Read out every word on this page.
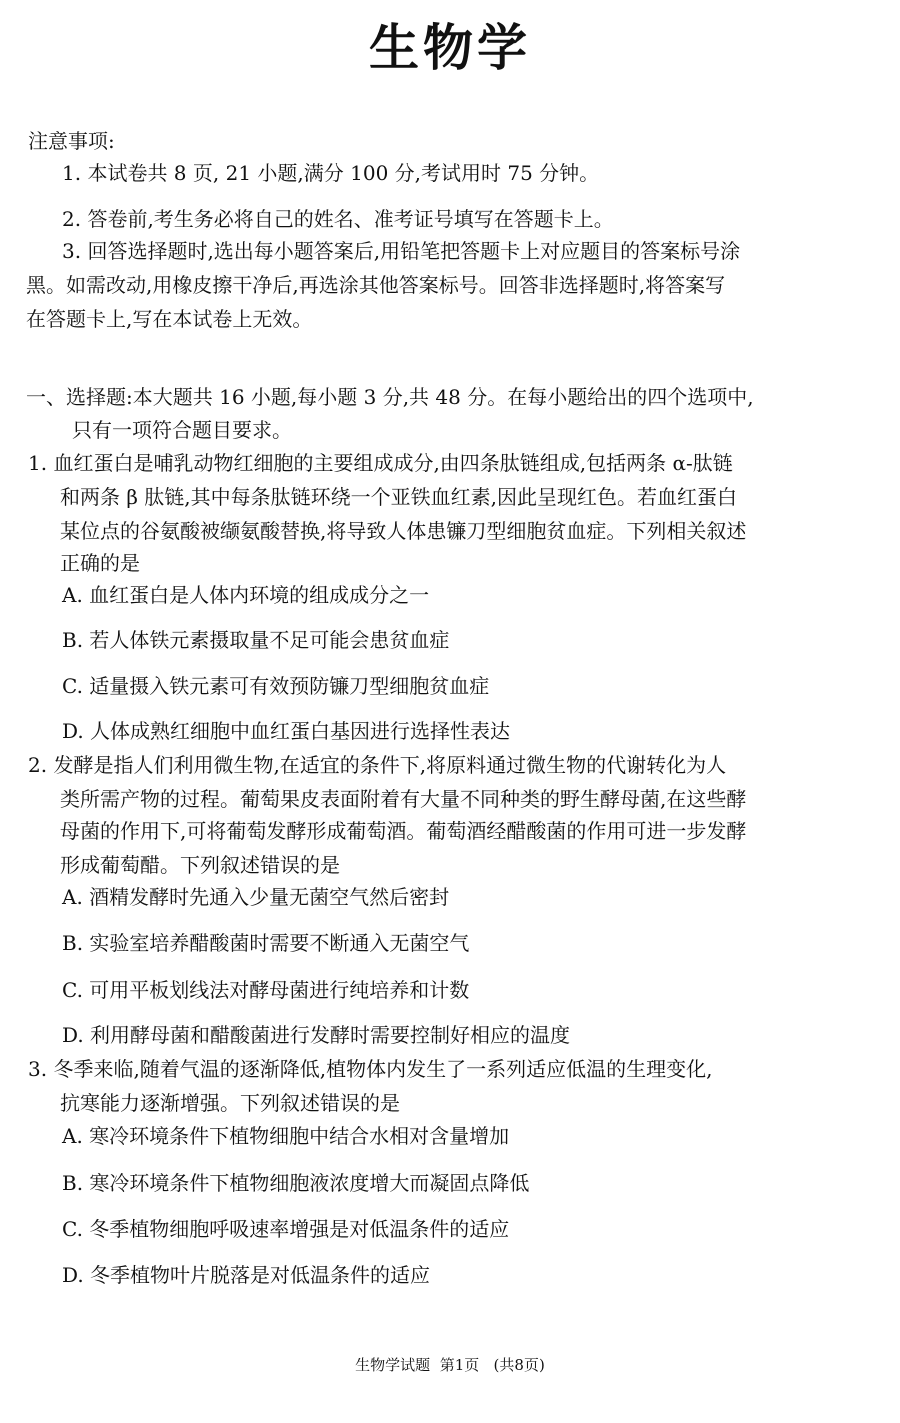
生物学
注意事项:
1. 本试卷共 8 页, 21 小题,满分 100 分,考试用时 75 分钟。
2. 答卷前,考生务必将自己的姓名、准考证号填写在答题卡上。
3. 回答选择题时,选出每小题答案后,用铅笔把答题卡上对应题目的答案标号涂
黑。如需改动,用橡皮擦干净后,再选涂其他答案标号。回答非选择题时,将答案写
在答题卡上,写在本试卷上无效。
一、选择题:本大题共 16 小题,每小题 3 分,共 48 分。在每小题给出的四个选项中,
只有一项符合题目要求。
1. 血红蛋白是哺乳动物红细胞的主要组成成分,由四条肽链组成,包括两条 α-肽链
和两条 β 肽链,其中每条肽链环绕一个亚铁血红素,因此呈现红色。若血红蛋白
某位点的谷氨酸被缬氨酸替换,将导致人体患镰刀型细胞贫血症。下列相关叙述
正确的是
A. 血红蛋白是人体内环境的组成成分之一
B. 若人体铁元素摄取量不足可能会患贫血症
C. 适量摄入铁元素可有效预防镰刀型细胞贫血症
D. 人体成熟红细胞中血红蛋白基因进行选择性表达
2. 发酵是指人们利用微生物,在适宜的条件下,将原料通过微生物的代谢转化为人
类所需产物的过程。葡萄果皮表面附着有大量不同种类的野生酵母菌,在这些酵
母菌的作用下,可将葡萄发酵形成葡萄酒。葡萄酒经醋酸菌的作用可进一步发酵
形成葡萄醋。下列叙述错误的是
A. 酒精发酵时先通入少量无菌空气然后密封
B. 实验室培养醋酸菌时需要不断通入无菌空气
C. 可用平板划线法对酵母菌进行纯培养和计数
D. 利用酵母菌和醋酸菌进行发酵时需要控制好相应的温度
3. 冬季来临,随着气温的逐渐降低,植物体内发生了一系列适应低温的生理变化,
抗寒能力逐渐增强。下列叙述错误的是
A. 寒冷环境条件下植物细胞中结合水相对含量增加
B. 寒冷环境条件下植物细胞液浓度增大而凝固点降低
C. 冬季植物细胞呼吸速率增强是对低温条件的适应
D. 冬季植物叶片脱落是对低温条件的适应
生物学试题  第1页   (共8页)
